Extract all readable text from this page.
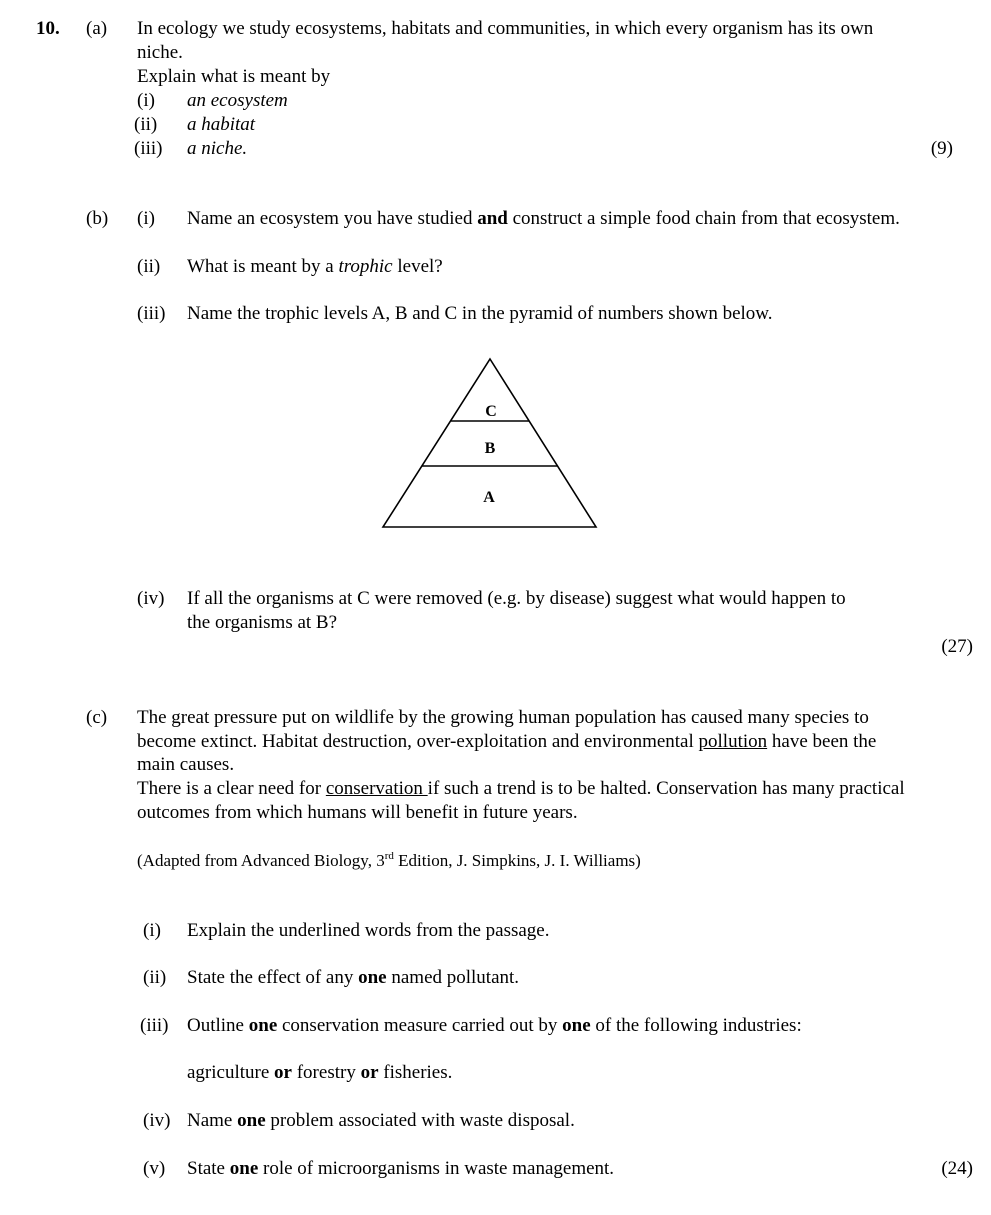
10. (a) In ecology we study ecosystems, habitats and communities, in which every organism has its own
niche.
Explain what is meant by
(i) an ecosystem
(ii) a habitat
(iii) a niche.	(9)
(b) (i) Name an ecosystem you have studied and construct a simple food chain from that ecosystem.
(ii) What is meant by a trophic level?
(iii) Name the trophic levels A, B and C in the pyramid of numbers shown below.
C
B
A
(iv) If all the organisms at C were removed (e.g. by disease) suggest what would happen to
the organisms at B?
(27)
(c) The great pressure put on wildlife by the growing human population has caused many species to
become extinct. Habitat destruction, over-exploitation and environmental pollution have been the
main causes.
There is a clear need for conservation if such a trend is to be halted. Conservation has many practical
outcomes from which humans will benefit in future years.
(Adapted from Advanced Biology, 3rd Edition, J. Simpkins, J. I. Williams)
(i) Explain the underlined words from the passage.
(ii) State the effect of any one named pollutant.
(iii) Outline one conservation measure carried out by one of the following industries:
agriculture or forestry or fisheries.
(iv) Name one problem associated with waste disposal.
(v) State one role of microorganisms in waste management.	(24)
